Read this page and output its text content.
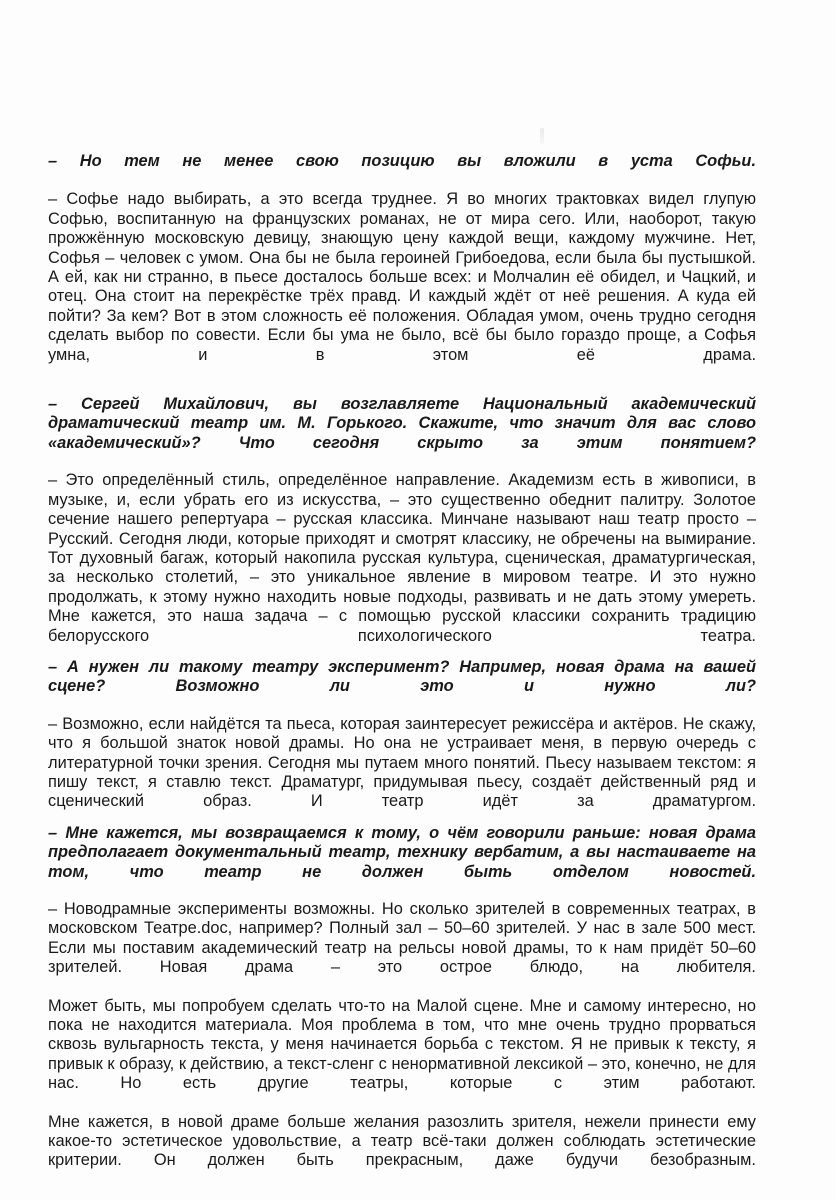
– Но тем не менее свою позицию вы вложили в уста Софьи.

– Софье надо выбирать, а это всегда труднее. Я во многих трактовках видел глупую Софью, воспитанную на французских романах, не от мира сего. Или, наоборот, такую прожжённую московскую девицу, знающую цену каждой вещи, каждому мужчине. Нет, Софья – человек с умом. Она бы не была героиней Грибоедова, если была бы пустышкой. А ей, как ни странно, в пьесе досталось больше всех: и Молчалин её обидел, и Чацкий, и отец. Она стоит на перекрёстке трёх правд. И каждый ждёт от неё решения. А куда ей пойти? За кем? Вот в этом сложность её положения. Обладая умом, очень трудно сегодня сделать выбор по совести. Если бы ума не было, всё бы было гораздо проще, а Софья умна, и в этом её драма.

– Сергей Михайлович, вы возглавляете Национальный академический драматический театр им. М. Горького. Скажите, что значит для вас слово «академический»? Что сегодня скрыто за этим понятием?

– Это определённый стиль, определённое направление. Академизм есть в живописи, в музыке, и, если убрать его из искусства, – это существенно обеднит палитру. Золотое сечение нашего репертуара – русская классика. Минчане называют наш театр просто – Русский. Сегодня люди, которые приходят и смотрят классику, не обречены на вымирание. Тот духовный багаж, который накопила русская культура, сценическая, драматургическая, за несколько столетий, – это уникальное явление в мировом театре. И это нужно продолжать, к этому нужно находить новые подходы, развивать и не дать этому умереть. Мне кажется, это наша задача – с помощью русской классики сохранить традицию белорусского психологического театра.

– А нужен ли такому театру эксперимент? Например, новая драма на вашей сцене? Возможно ли это и нужно ли?

– Возможно, если найдётся та пьеса, которая заинтересует режиссёра и актёров. Не скажу, что я большой знаток новой драмы. Но она не устраивает меня, в первую очередь с литературной точки зрения. Сегодня мы путаем много понятий. Пьесу называем текстом: я пишу текст, я ставлю текст. Драматург, придумывая пьесу, создаёт действенный ряд и сценический образ. И театр идёт за драматургом.

– Мне кажется, мы возвращаемся к тому, о чём говорили раньше: новая драма предполагает документальный театр, технику вербатим, а вы настаиваете на том, что театр не должен быть отделом новостей.

– Новодрамные эксперименты возможны. Но сколько зрителей в современных театрах, в московском Театре.doc, например? Полный зал – 50–60 зрителей. У нас в зале 500 мест. Если мы поставим академический театр на рельсы новой драмы, то к нам придёт 50–60 зрителей. Новая драма – это острое блюдо, на любителя.

Может быть, мы попробуем сделать что-то на Малой сцене. Мне и самому интересно, но пока не находится материала. Моя проблема в том, что мне очень трудно прорваться сквозь вульгарность текста, у меня начинается борьба с текстом. Я не привык к тексту, я привык к образу, к действию, а текст-сленг с ненормативной лексикой – это, конечно, не для нас. Но есть другие театры, которые с этим работают.

Мне кажется, в новой драме больше желания разозлить зрителя, нежели принести ему какое-то эстетическое удовольствие, а театр всё-таки должен соблюдать эстетические критерии. Он должен быть прекрасным, даже будучи безобразным.
